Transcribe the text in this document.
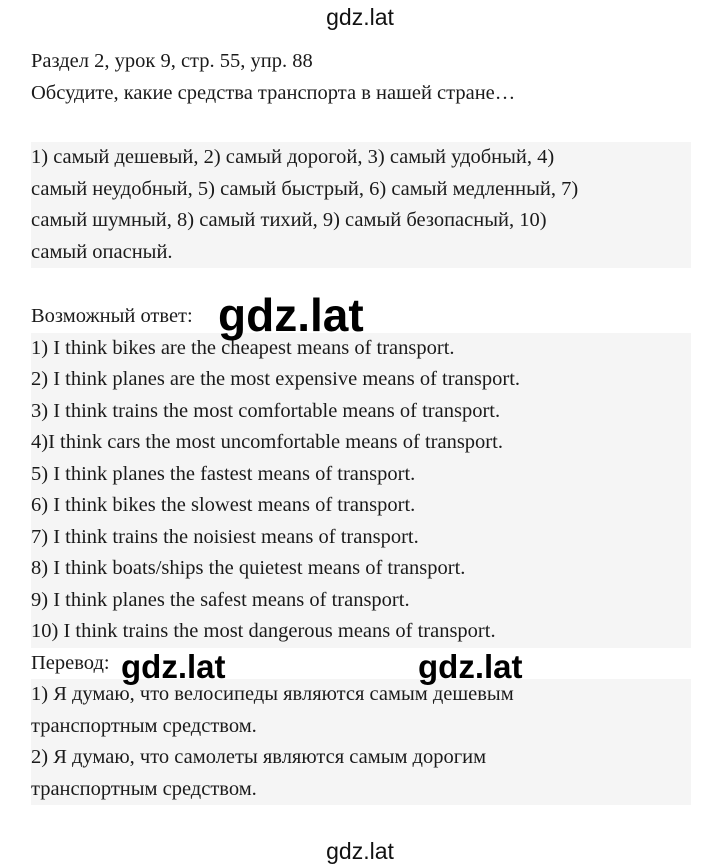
gdz.lat
Раздел 2, урок 9, стр. 55, упр. 88
Обсудите, какие средства транспорта в нашей стране…
1) самый дешевый, 2) самый дорогой, 3) самый удобный, 4)
самый неудобный, 5) самый быстрый, 6) самый медленный, 7)
самый шумный, 8) самый тихий, 9) самый безопасный, 10)
самый опасный.
Возможный ответ:
1) I think bikes are the cheapest means of transport.
2) I think planes are the most expensive means of transport.
3) I think trains the most comfortable means of transport.
4)I think cars the most uncomfortable means of transport.
5) I think planes the fastest means of transport.
6) I think bikes the slowest means of transport.
7) I think trains the noisiest means of transport.
8) I think boats/ships the quietest means of transport.
9) I think planes the safest means of transport.
10) I think trains the most dangerous means of transport.
Перевод:
1) Я думаю, что велосипеды являются самым дешевым
транспортным средством.
2) Я думаю, что самолеты являются самым дорогим
транспортным средством.
gdz.lat
gdz.lat	gdz.lat
gdz.lat
